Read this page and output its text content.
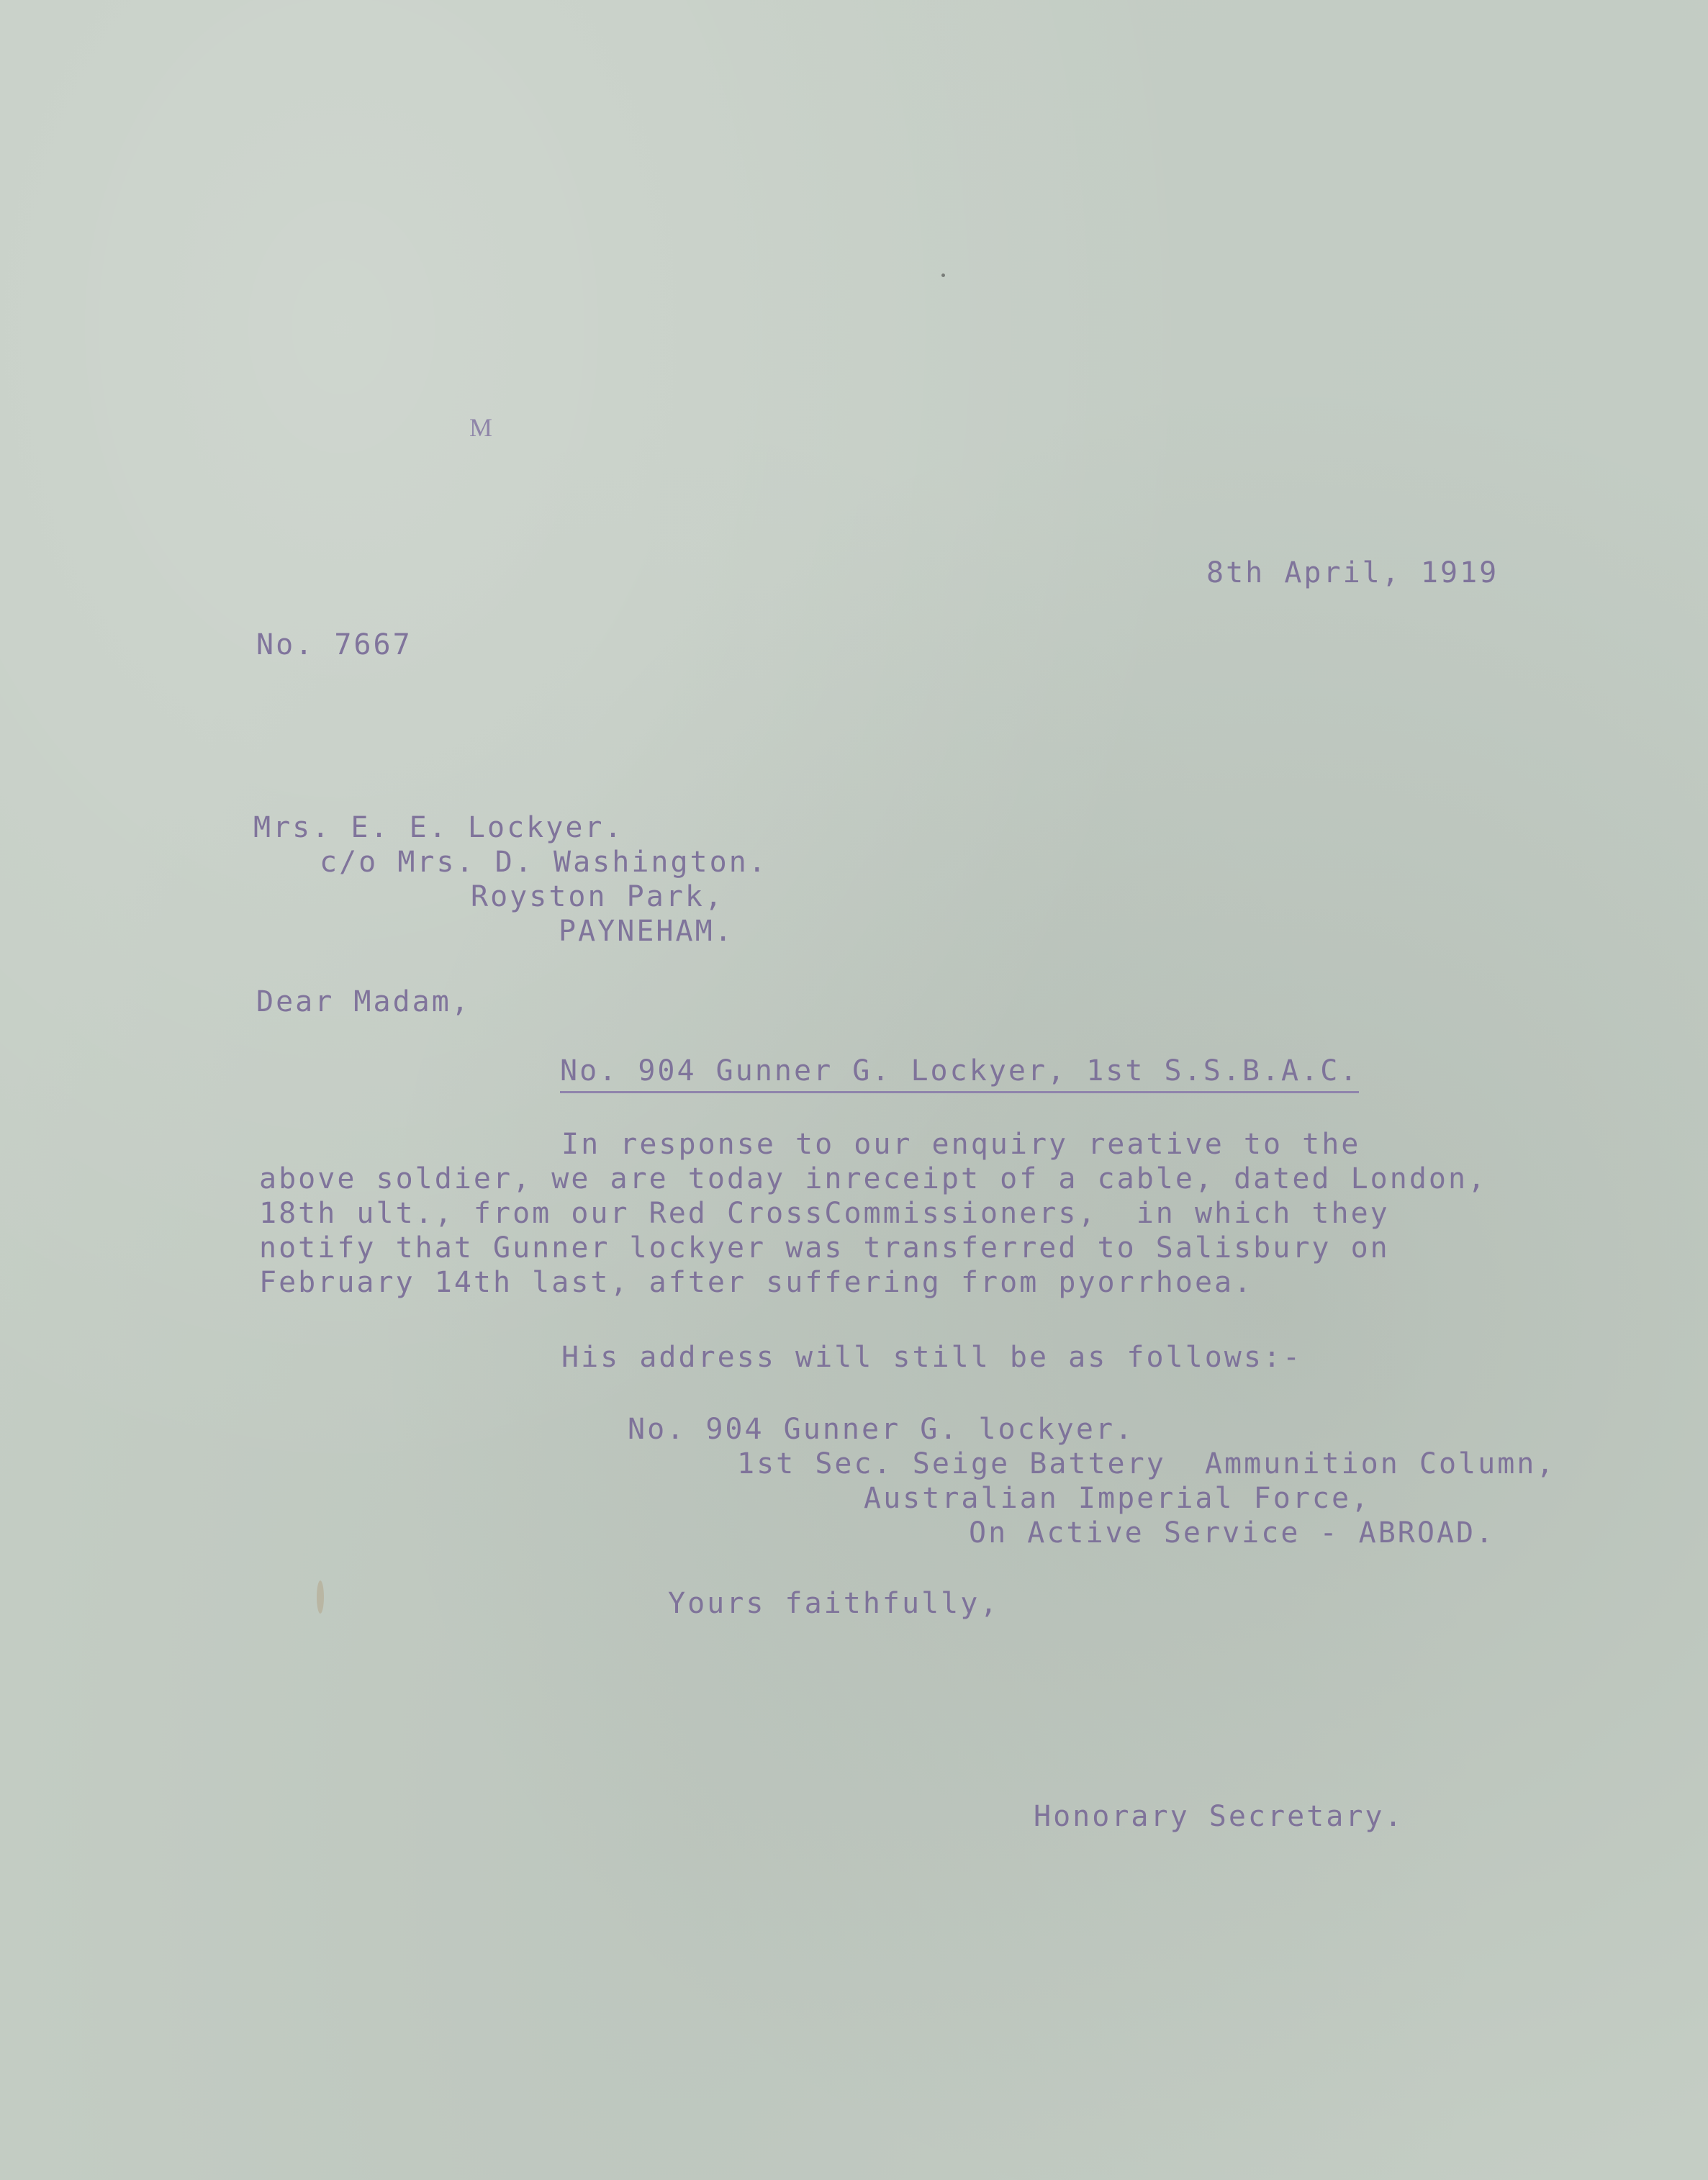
M
8th April, 1919
No. 7667
Mrs. E. E. Lockyer.
c/o Mrs. D. Washington.
Royston Park,
PAYNEHAM.
Dear Madam,
No. 904 Gunner G. Lockyer, 1st S.S.B.A.C.
In response to our enquiry reative to the
above soldier, we are today inreceipt of a cable, dated London,
18th ult., from our Red CrossCommissioners,  in which they
notify that Gunner lockyer was transferred to Salisbury on
February 14th last, after suffering from pyorrhoea.
His address will still be as follows:-
No. 904 Gunner G. lockyer.
1st Sec. Seige Battery  Ammunition Column,
Australian Imperial Force,
On Active Service - ABROAD.
Yours faithfully,
Honorary Secretary.
